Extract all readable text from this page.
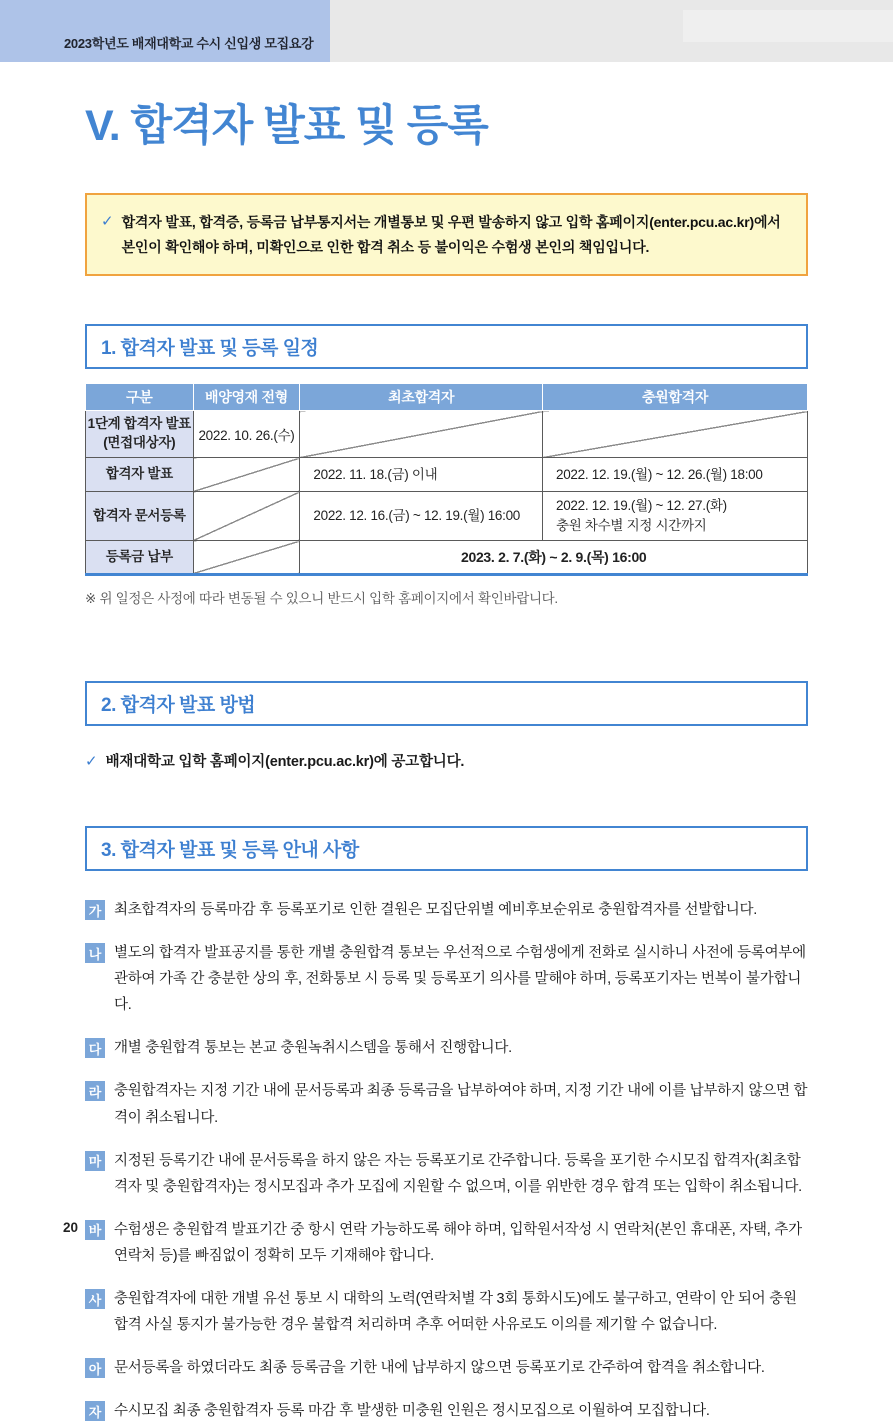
2023학년도 배재대학교 수시 신입생 모집요강
V. 합격자 발표 및 등록
✓ 합격자 발표, 합격증, 등록금 납부통지서는 개별통보 및 우편 발송하지 않고 입학 홈페이지(enter.pcu.ac.kr)에서 본인이 확인해야 하며, 미확인으로 인한 합격 취소 등 불이익은 수험생 본인의 책임입니다.
1. 합격자 발표 및 등록 일정
구분	배양영재 전형	최초합격자	충원합격자

1단계 합격자 발표
(면접대상자)	2022. 10. 26.(수)		
합격자 발표		2022. 11. 18.(금) 이내	2022. 12. 19.(월) ~ 12. 26.(월) 18:00
합격자 문서등록		2022. 12. 16.(금) ~ 12. 19.(월) 16:00	2022. 12. 19.(월) ~ 12. 27.(화)
충원 차수별 지정 시간까지

등록금 납부		2023. 2. 7.(화) ~ 2. 9.(목) 16:00	
※ 위 일정은 사정에 따라 변동될 수 있으니 반드시 입학 홈페이지에서 확인바랍니다.
2. 합격자 발표 방법
✓ 배재대학교 입학 홈페이지(enter.pcu.ac.kr)에 공고합니다.
3. 합격자 발표 및 등록 안내 사항
가 최초합격자의 등록마감 후 등록포기로 인한 결원은 모집단위별 예비후보순위로 충원합격자를 선발합니다.
나 별도의 합격자 발표공지를 통한 개별 충원합격 통보는 우선적으로 수험생에게 전화로 실시하니 사전에 등록여부에 관하여 가족 간 충분한 상의 후, 전화통보 시 등록 및 등록포기 의사를 말해야 하며, 등록포기자는 번복이 불가합니다.
다 개별 충원합격 통보는 본교 충원녹취시스템을 통해서 진행합니다.
라 충원합격자는 지정 기간 내에 문서등록과 최종 등록금을 납부하여야 하며, 지정 기간 내에 이를 납부하지 않으면 합격이 취소됩니다.
마 지정된 등록기간 내에 문서등록을 하지 않은 자는 등록포기로 간주합니다. 등록을 포기한 수시모집 합격자(최초합격자 및 충원합격자)는 정시모집과 추가 모집에 지원할 수 없으며, 이를 위반한 경우 합격 또는 입학이 취소됩니다.
바 수험생은 충원합격 발표기간 중 항시 연락 가능하도록 해야 하며, 입학원서작성 시 연락처(본인 휴대폰, 자택, 추가 연락처 등)를 빠짐없이 정확히 모두 기재해야 합니다.
사 충원합격자에 대한 개별 유선 통보 시 대학의 노력(연락처별 각 3회 통화시도)에도 불구하고, 연락이 안 되어 충원합격 사실 통지가 불가능한 경우 불합격 처리하며 추후 어떠한 사유로도 이의를 제기할 수 없습니다.
아 문서등록을 하였더라도 최종 등록금을 기한 내에 납부하지 않으면 등록포기로 간주하여 합격을 취소합니다.
자 수시모집 최종 충원합격자 등록 마감 후 발생한 미충원 인원은 정시모집으로 이월하여 모집합니다.
20
